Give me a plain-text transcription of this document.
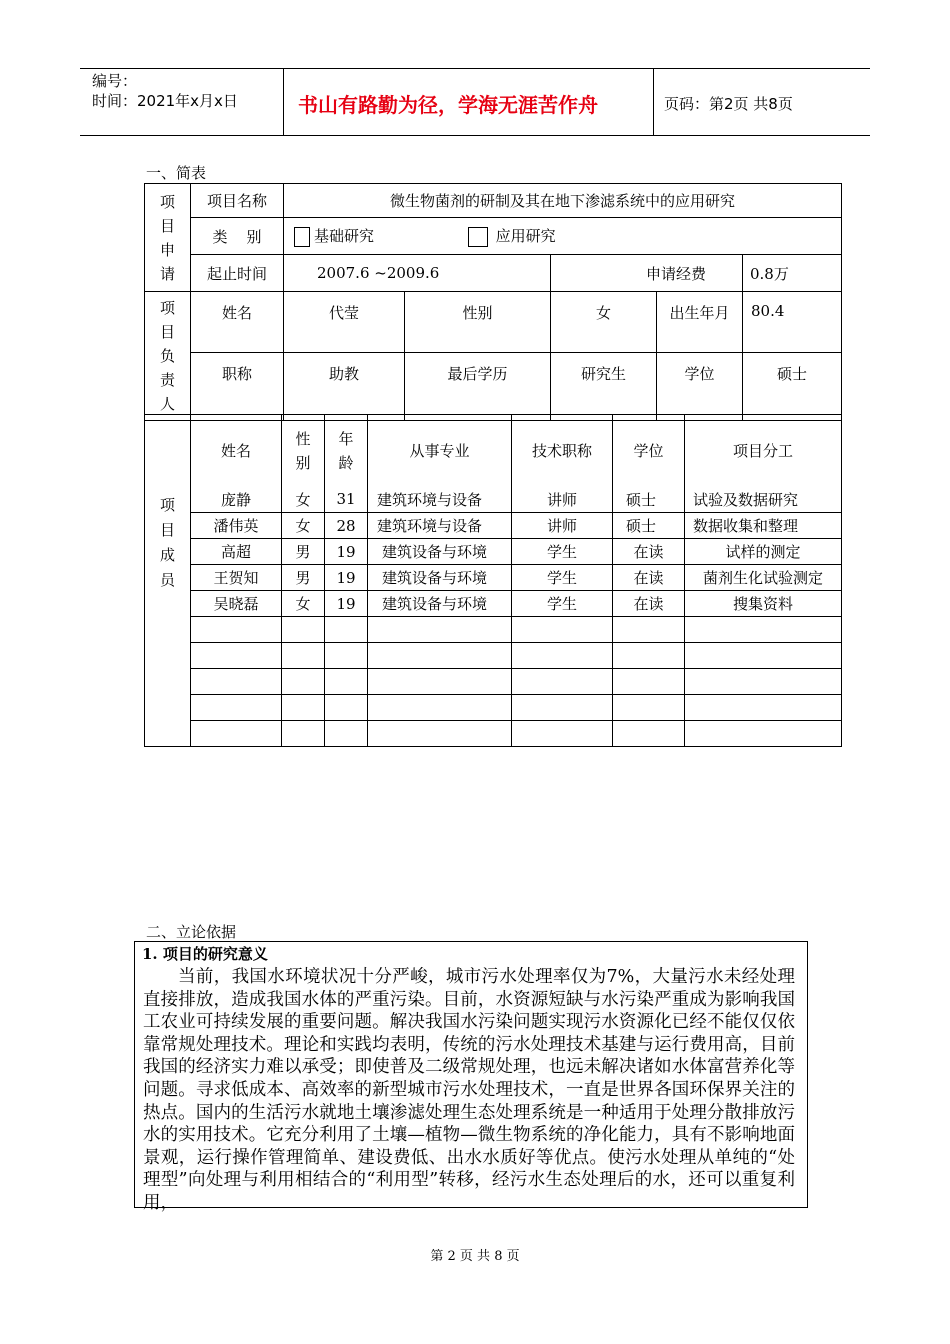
编号：
时间：2021年x月x日	书山有路勤为径，学海无涯苦作舟	页码：第2页 共8页
一、简表
项目申请	项目名称	微生物菌剂的研制及其在地下渗滤系统中的应用研究				
	类    别	基础研究 应用研究				
	起止时间	2007.6 ~2009.6		申请经费		0.8万

项目负责人	姓名	代莹	性别	女	出生年月	80.4
	职称	助教	最后学历	研究生	学位	硕士
项目成员	姓名	性别	年龄	从事专业	技术职称	学位	项目分工
	庞静	女	31	建筑环境与设备	讲师	硕士	试验及数据研究
	潘伟英	女	28	建筑环境与设备	讲师	硕士	数据收集和整理
	高超	男	19	建筑设备与环境	学生	在读	试样的测定
	王贺知	男	19	建筑设备与环境	学生	在读	菌剂生化试验测定
	吴晓磊	女	19	建筑设备与环境	学生	在读	搜集资料

二、立论依据
1. 项目的研究意义
当前，我国水环境状况十分严峻，城市污水处理率仅为7%，大量污水未经处理直接排放，造成我国水体的严重污染。目前，水资源短缺与水污染严重成为影响我国工农业可持续发展的重要问题。解决我国水污染问题实现污水资源化已经不能仅仅依靠常规处理技术。理论和实践均表明，传统的污水处理技术基建与运行费用高，目前我国的经济实力难以承受；即使普及二级常规处理，也远未解决诸如水体富营养化等问题。寻求低成本、高效率的新型城市污水处理技术，一直是世界各国环保界关注的热点。国内的生活污水就地土壤渗滤处理生态处理系统是一种适用于处理分散排放污水的实用技术。它充分利用了土壤—植物—微生物系统的净化能力，具有不影响地面景观，运行操作管理简单、建设费低、出水水质好等优点。使污水处理从单纯的“处理型”向处理与利用相结合的“利用型”转移，经污水生态处理后的水，还可以重复利用，
第 2 页 共 8 页
